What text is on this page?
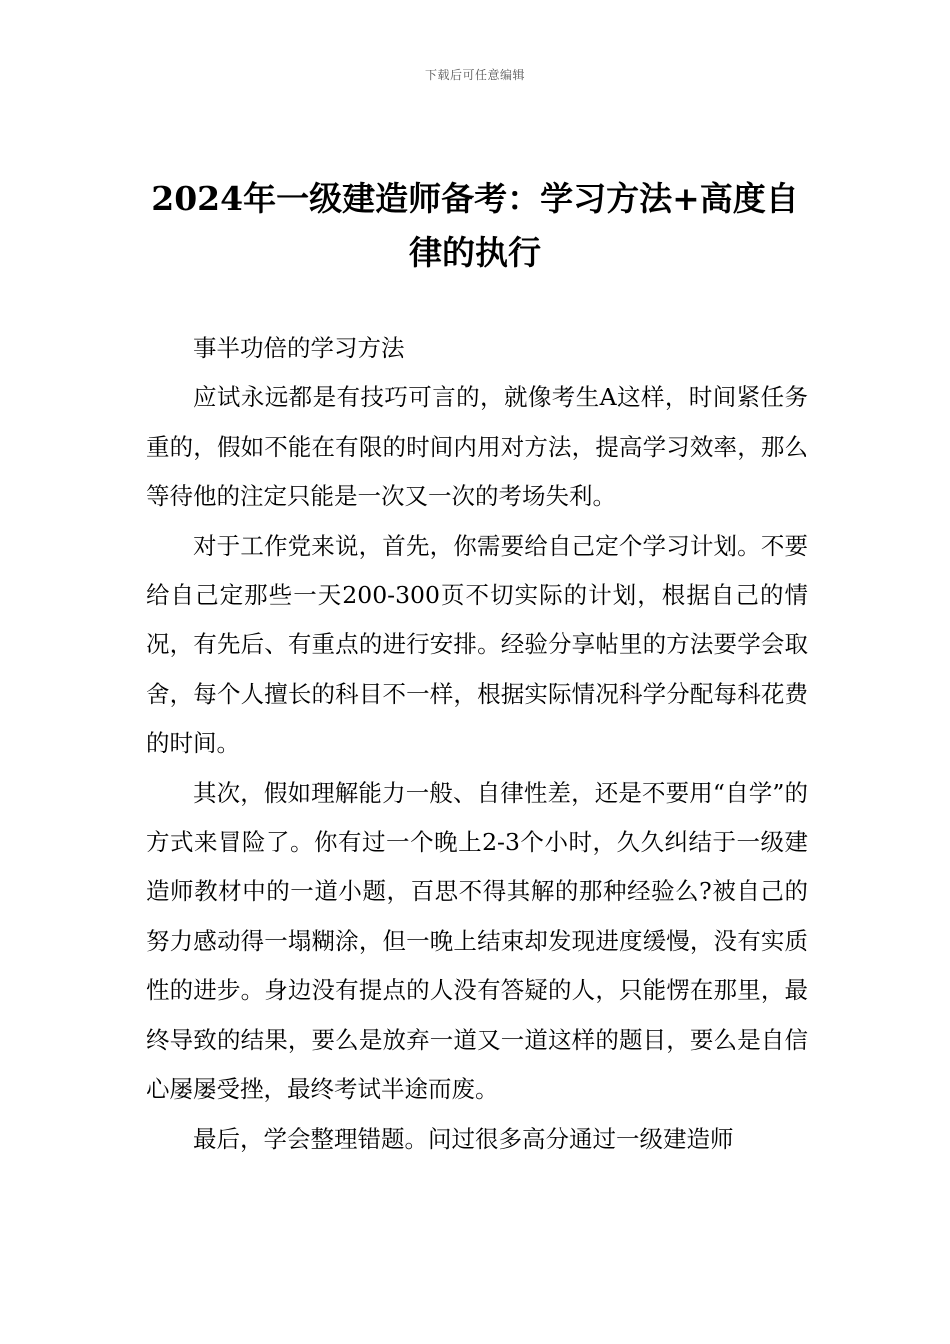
下载后可任意编辑
2024年一级建造师备考：学习方法+高度自律的执行

事半功倍的学习方法

应试永远都是有技巧可言的，就像考生A这样，时间紧任务重的，假如不能在有限的时间内用对方法，提高学习效率，那么等待他的注定只能是一次又一次的考场失利。

对于工作党来说，首先，你需要给自己定个学习计划。不要给自己定那些一天200-300页不切实际的计划，根据自己的情况，有先后、有重点的进行安排。经验分享帖里的方法要学会取舍，每个人擅长的科目不一样，根据实际情况科学分配每科花费的时间。

其次，假如理解能力一般、自律性差，还是不要用“自学”的方式来冒险了。你有过一个晚上2-3个小时，久久纠结于一级建造师教材中的一道小题，百思不得其解的那种经验么?被自己的努力感动得一塌糊涂，但一晚上结束却发现进度缓慢，没有实质性的进步。身边没有提点的人没有答疑的人，只能愣在那里，最终导致的结果，要么是放弃一道又一道这样的题目，要么是自信心屡屡受挫，最终考试半途而废。

最后，学会整理错题。问过很多高分通过一级建造师
